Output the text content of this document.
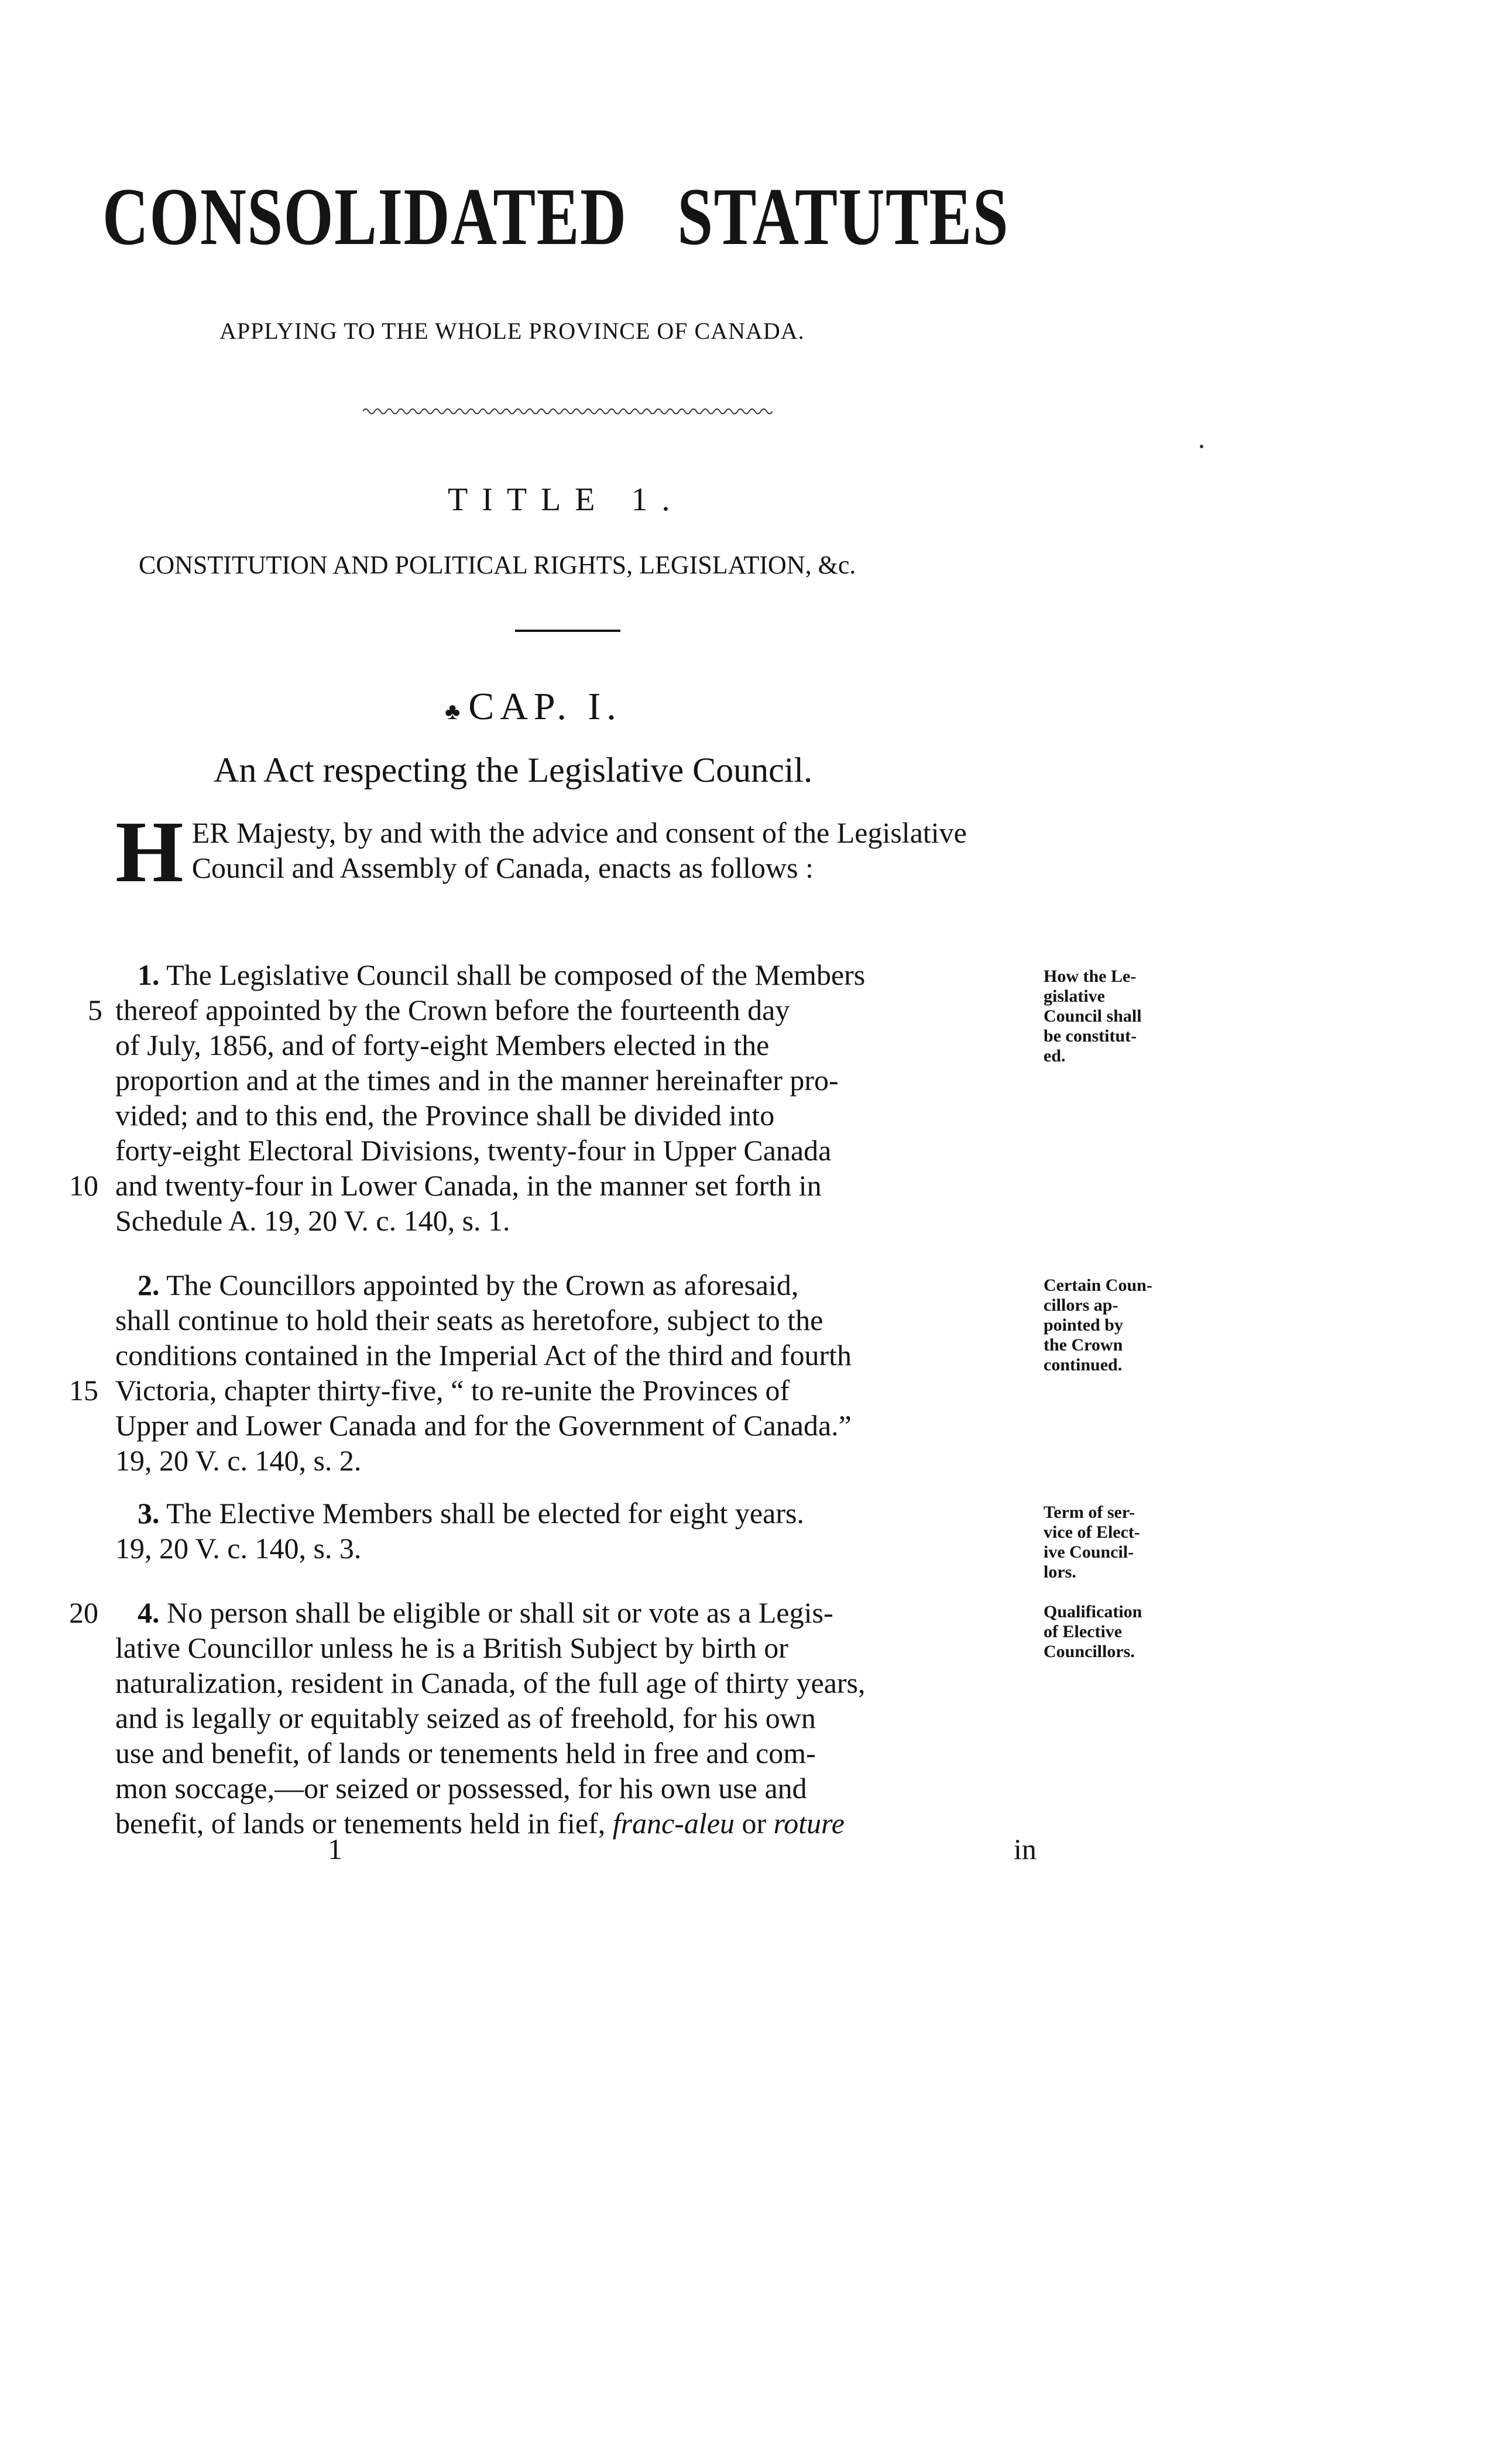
CONSOLIDATED STATUTES
APPLYING TO THE WHOLE PROVINCE OF CANADA.
TITLE 1.
CONSTITUTION AND POLITICAL RIGHTS, LEGISLATION, &c.
♣CAP. I.
An Act respecting the Legislative Council.
H ER Majesty, by and with the advice and consent of the Legislative Council and Assembly of Canada, enacts as follows :
1. The Legislative Council shall be composed of the Members
thereof appointed by the Crown before the fourteenth day
of July, 1856, and of forty-eight Members elected in the
proportion and at the times and in the manner hereinafter pro-
vided; and to this end, the Province shall be divided into
forty-eight Electoral Divisions, twenty-four in Upper Canada
and twenty-four in Lower Canada, in the manner set forth in
Schedule A. 19, 20 V. c. 140, s. 1.
How the Le-
gislative
Council shall
be constitut-
ed.
2. The Councillors appointed by the Crown as aforesaid,
shall continue to hold their seats as heretofore, subject to the
conditions contained in the Imperial Act of the third and fourth
Victoria, chapter thirty-five, “ to re-unite the Provinces of
Upper and Lower Canada and for the Government of Canada.”
19, 20 V. c. 140, s. 2.
Certain Coun-
cillors ap-
pointed by
the Crown
continued.
3. The Elective Members shall be elected for eight years.
19, 20 V. c. 140, s. 3.
Term of ser-
vice of Elect-
ive Council-
lors.
4. No person shall be eligible or shall sit or vote as a Legis-
lative Councillor unless he is a British Subject by birth or
naturalization, resident in Canada, of the full age of thirty years,
and is legally or equitably seized as of freehold, for his own
use and benefit, of lands or tenements held in free and com-
mon soccage,—or seized or possessed, for his own use and
benefit, of lands or tenements held in fief, franc-aleu or roture
Qualification
of Elective
Councillors.
5
10
15
20
1	in
